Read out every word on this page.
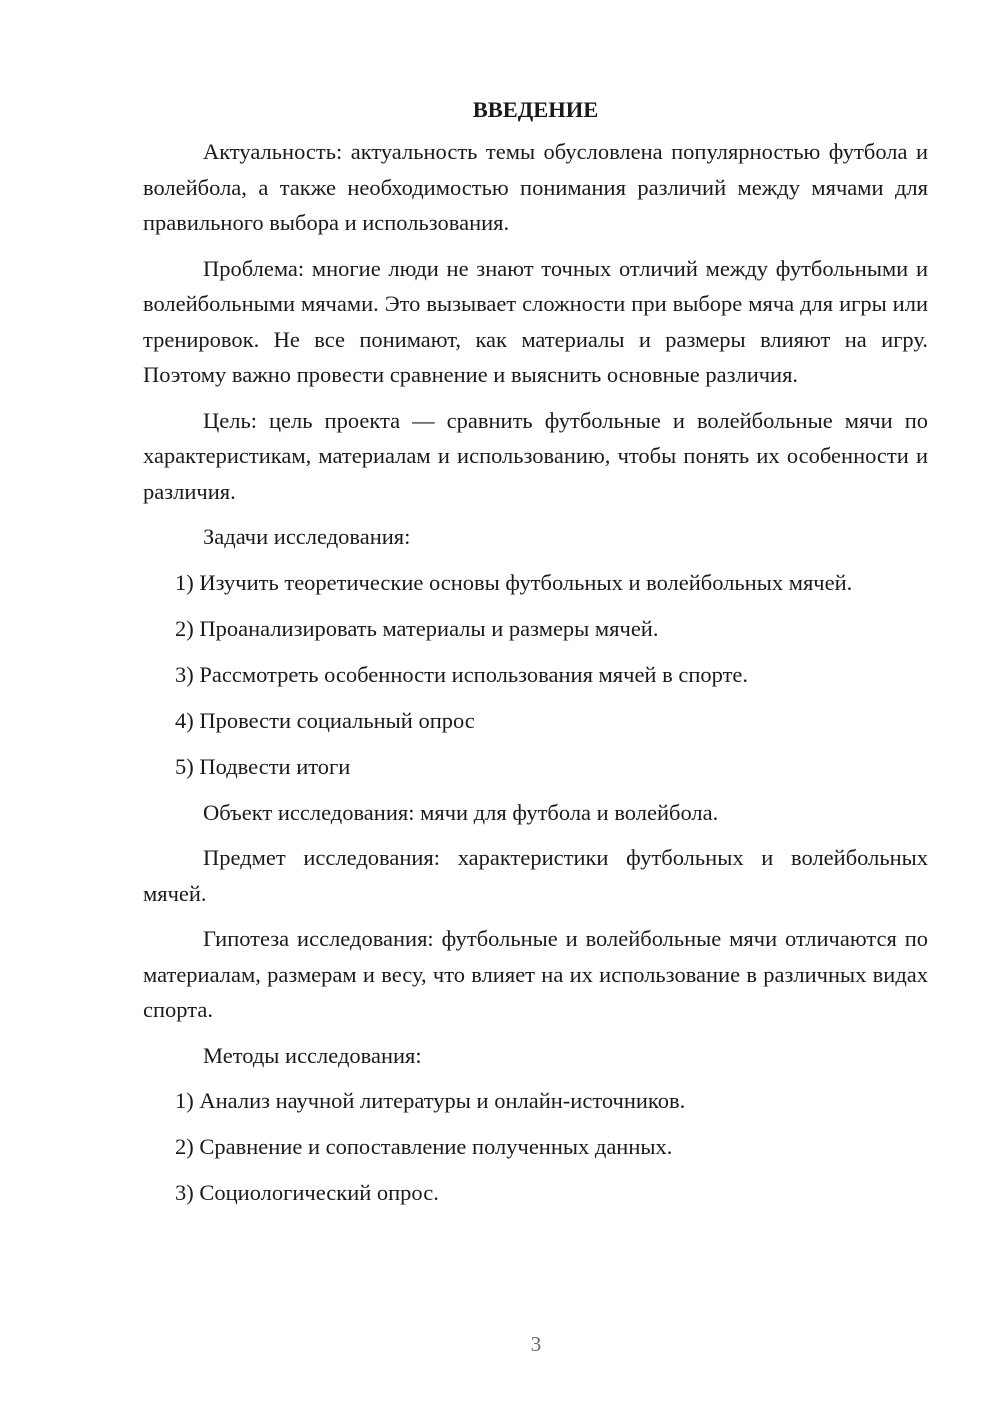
ВВЕДЕНИЕ

Актуальность: актуальность темы обусловлена популярностью футбола и волейбола, а также необходимостью понимания различий между мячами для правильного выбора и использования.

Проблема: многие люди не знают точных отличий между футбольными и волейбольными мячами. Это вызывает сложности при выборе мяча для игры или тренировок. Не все понимают, как материалы и размеры влияют на игру. Поэтому важно провести сравнение и выяснить основные различия.

Цель: цель проекта — сравнить футбольные и волейбольные мячи по характеристикам, материалам и использованию, чтобы понять их особенности и различия.

Задачи исследования:

1) Изучить теоретические основы футбольных и волейбольных мячей.
2) Проанализировать материалы и размеры мячей.
3) Рассмотреть особенности использования мячей в спорте.
4) Провести социальный опрос
5) Подвести итоги

Объект исследования: мячи для футбола и волейбола.

Предмет исследования: характеристики футбольных и волейбольных мячей.

Гипотеза исследования: футбольные и волейбольные мячи отличаются по материалам, размерам и весу, что влияет на их использование в различных видах спорта.

Методы исследования:

1) Анализ научной литературы и онлайн-источников.
2) Сравнение и сопоставление полученных данных.
3) Социологический опрос.
3
